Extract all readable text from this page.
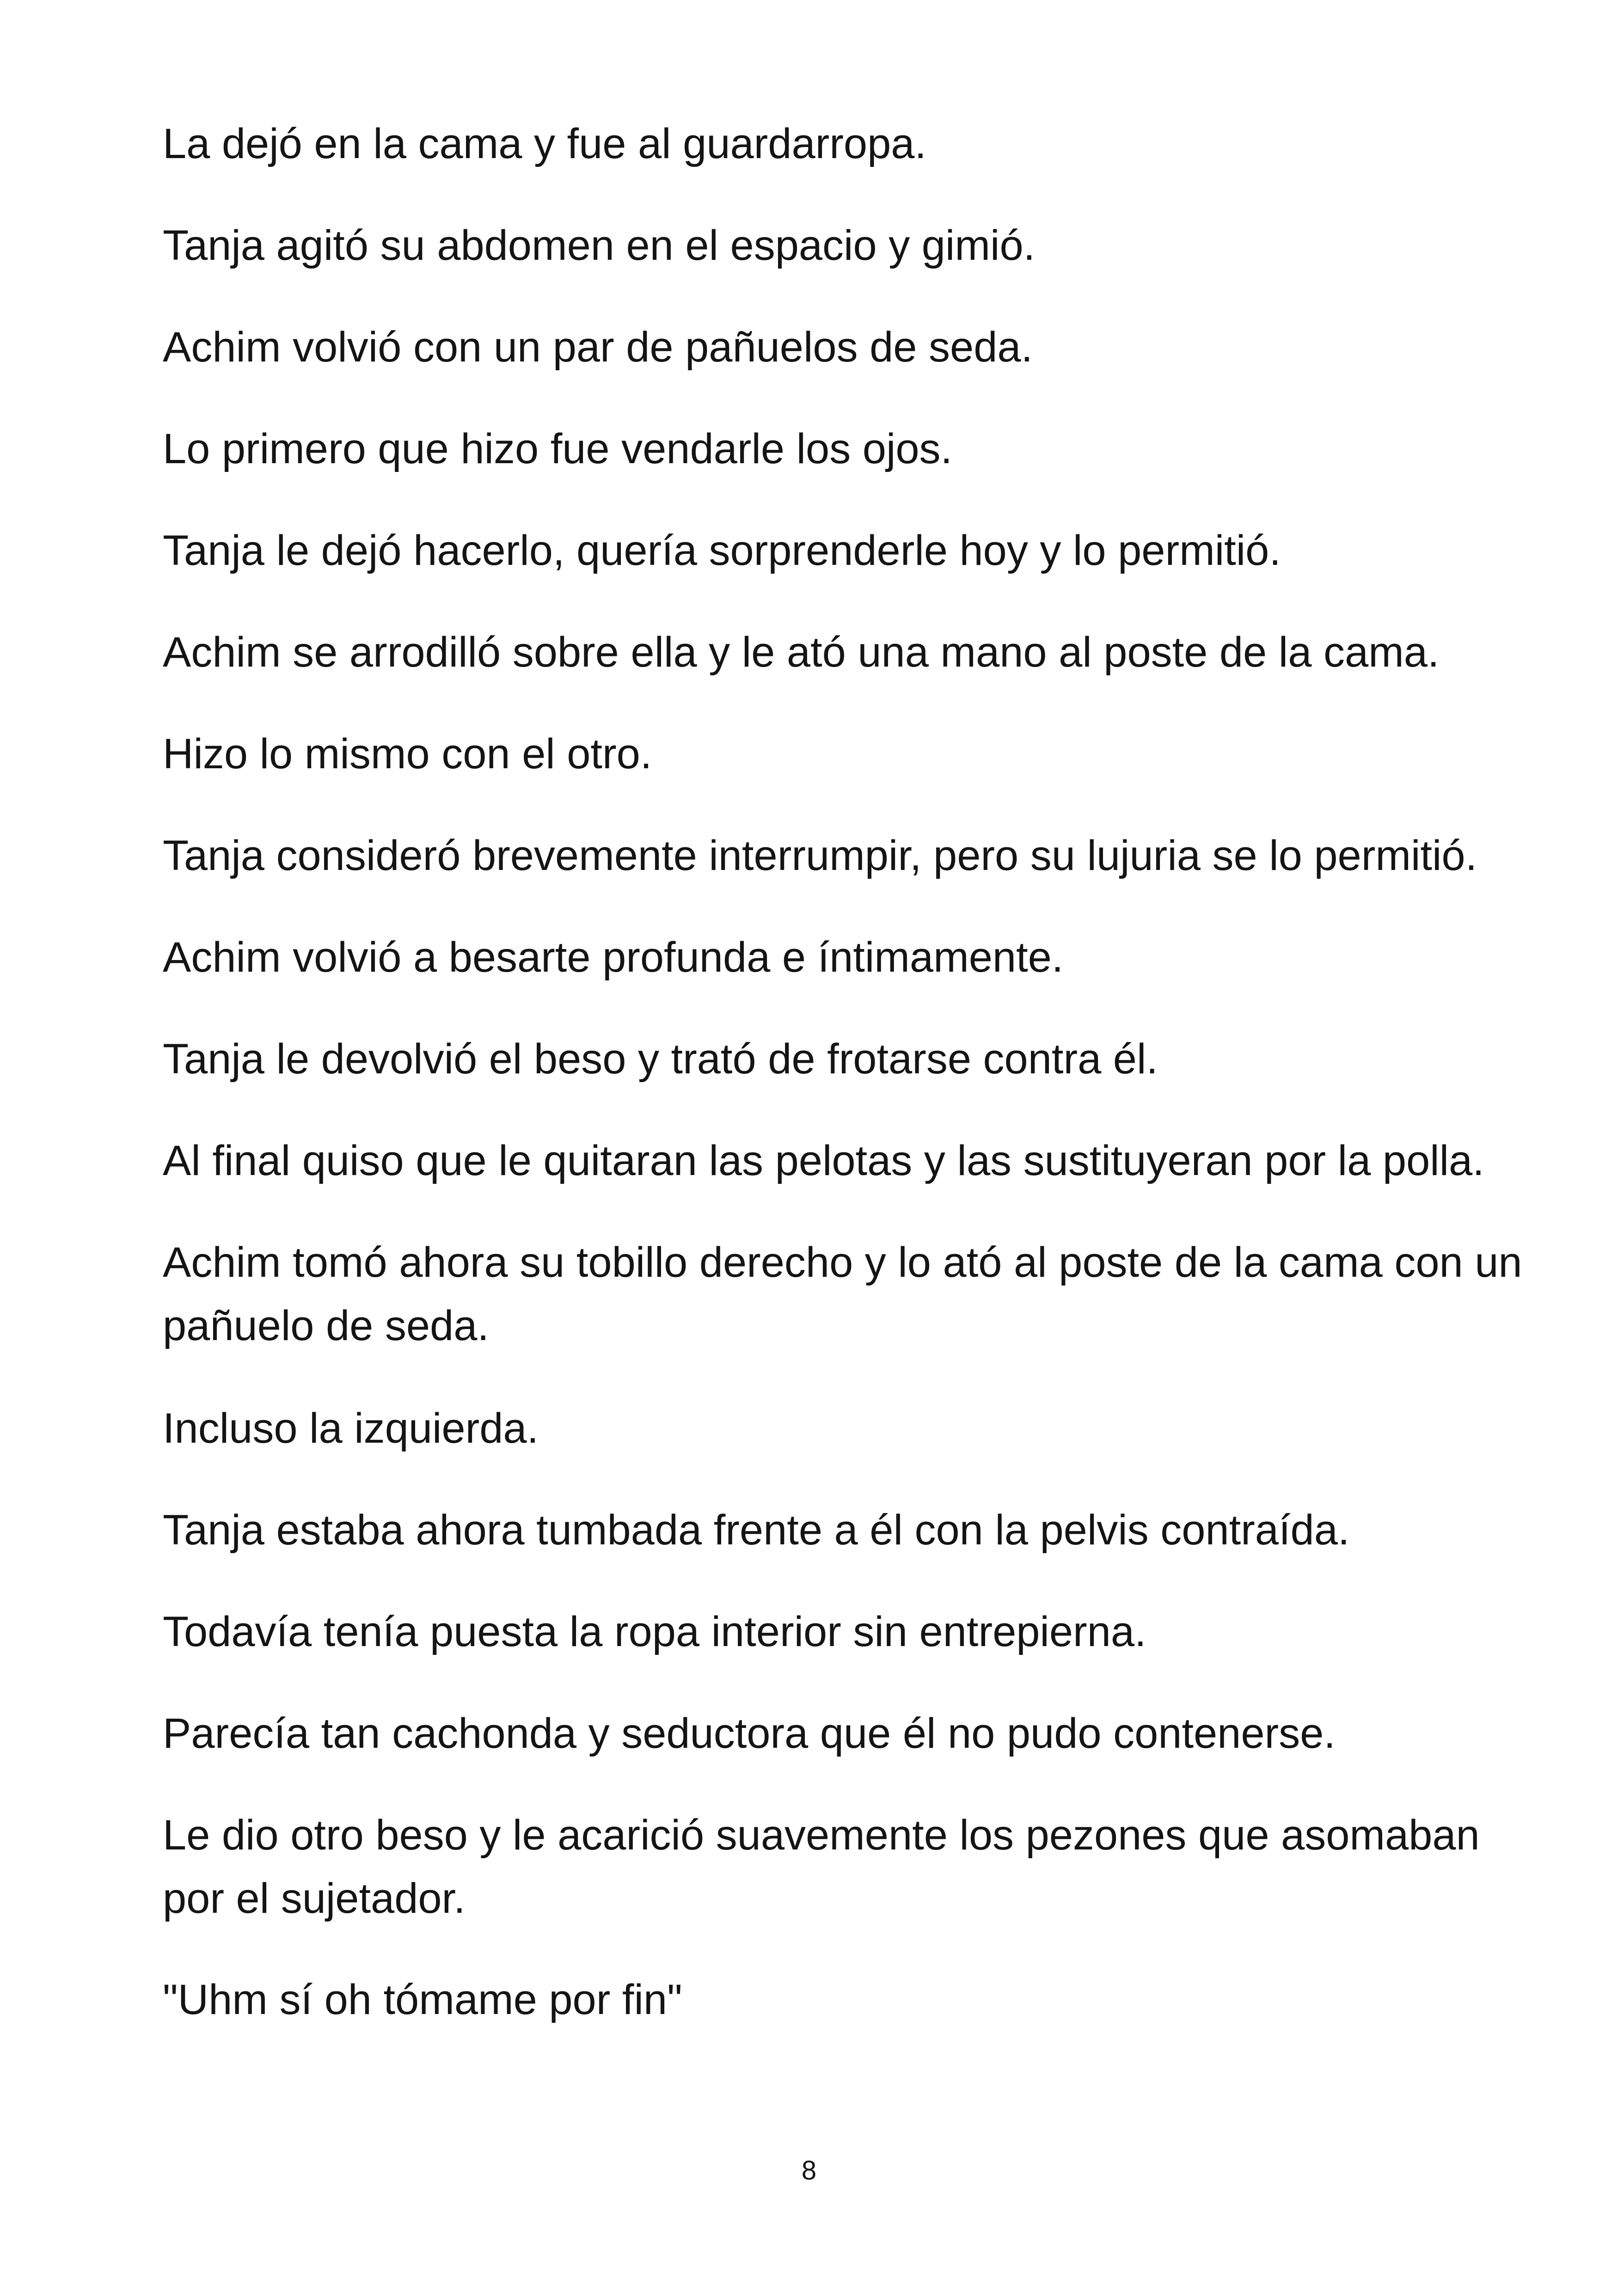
La dejó en la cama y fue al guardarropa.

Tanja agitó su abdomen en el espacio y gimió.

Achim volvió con un par de pañuelos de seda.

Lo primero que hizo fue vendarle los ojos.

Tanja le dejó hacerlo, quería sorprenderle hoy y lo permitió.

Achim se arrodilló sobre ella y le ató una mano al poste de la cama.

Hizo lo mismo con el otro.

Tanja consideró brevemente interrumpir, pero su lujuria se lo permitió.

Achim volvió a besarte profunda e íntimamente.

Tanja le devolvió el beso y trató de frotarse contra él.

Al final quiso que le quitaran las pelotas y las sustituyeran por la polla.

Achim tomó ahora su tobillo derecho y lo ató al poste de la cama con un pañuelo de seda.

Incluso la izquierda.

Tanja estaba ahora tumbada frente a él con la pelvis contraída.

Todavía tenía puesta la ropa interior sin entrepierna.

Parecía tan cachonda y seductora que él no pudo contenerse.

Le dio otro beso y le acarició suavemente los pezones que asomaban por el sujetador.

"Uhm sí oh tómame por fin"

8
